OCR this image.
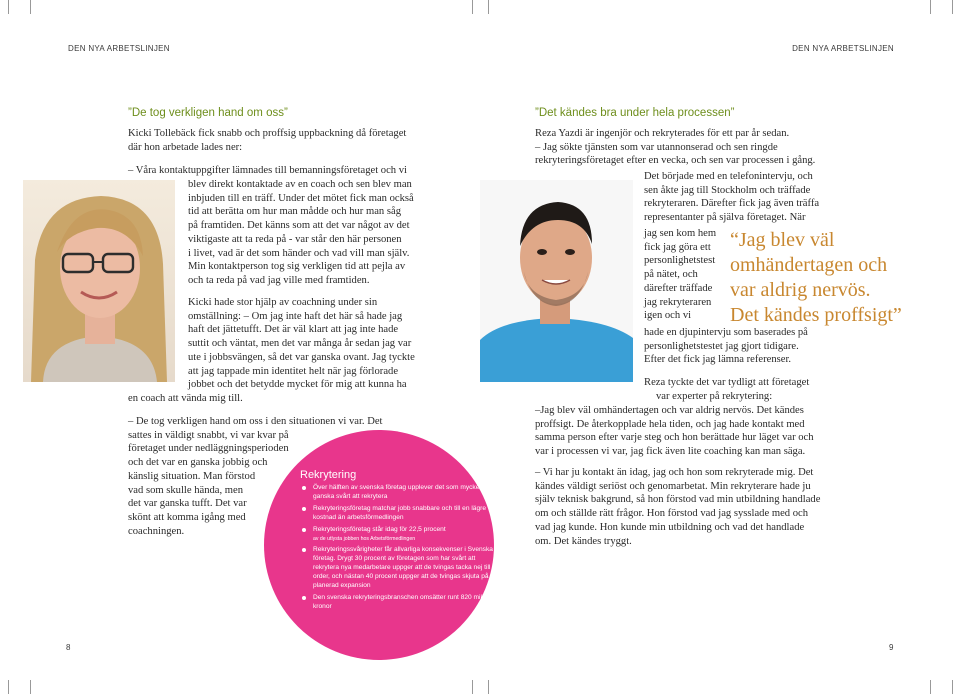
DEN NYA ARBETSLINJEN	DEN NYA ARBETSLINJEN
”De tog verkligen hand om oss”

Kicki Tollebäck fick snabb och proffsig uppbackning då företaget

där hon arbetade lades ner:

– Våra kontaktuppgifter lämnades till bemanningsföretaget och vi

blev direkt kontaktade av en coach och sen blev man

inbjuden till en träff. Under det mötet fick man också

tid att berätta om hur man mådde och hur man såg

på framtiden. Det känns som att det var något av det

viktigaste att ta reda på - var står den här personen

i livet, vad är det som händer och vad vill man själv.

Min kontaktperson tog sig verkligen tid att pejla av

och ta reda på vad jag ville med framtiden.

Kicki hade stor hjälp av coachning under sin

omställning: – Om jag inte haft det här så hade jag

haft det jättetufft. Det är väl klart att jag inte hade

suttit och väntat, men det var många år sedan jag var

ute i jobbsvängen, så det var ganska ovant. Jag tyckte

att jag tappade min identitet helt när jag förlorade

jobbet och det betydde mycket för mig att kunna ha

en coach att vända mig till.

– De tog verkligen hand om oss i den situationen vi var. Det

sattes in väldigt snabbt, vi var kvar på

företaget under nedläggningsperioden

och det var en ganska jobbig och

känslig situation. Man förstod

vad som skulle hända, men

det var ganska tufft. Det var

skönt att komma igång med

coachningen.

Rekrytering
Över hälften av svenska företag upplever det som mycket eller ganska svårt att rekrytera
Rekryteringsföretag matchar jobb snabbare och till en lägre kostnad än arbetsförmedlingen
Rekryteringsföretag står idag för 22,5 procent
av de utlysta jobben hos Arbetsförmedlingen
Rekryteringssvårigheter får allvarliga konsekvenser i Svenska företag. Drygt 30 procent av företagen som har svårt att rekrytera nya medarbetare uppger att de tvingas tacka nej till order, och nästan 40 procent uppger att de tvingas skjuta på planerad expansion
Den svenska rekryteringsbranschen omsätter runt 820 miljoner kronor
8
”Det kändes bra under hela processen”

Reza Yazdi är ingenjör och rekryterades för ett par år sedan.

– Jag sökte tjänsten som var utannonserad och sen ringde

rekryteringsföretaget efter en vecka, och sen var processen i gång.

Det började med en telefonintervju, och

sen åkte jag till Stockholm och träffade

rekryteraren. Därefter fick jag även träffa

representanter på själva företaget. När

jag sen kom hem

fick jag göra ett

personlighetstest

på nätet, och

därefter träffade

jag rekryteraren

igen och vi

hade en djupintervju som baserades på

personlighetstestet jag gjort tidigare.

Efter det fick jag lämna referenser.

Reza tyckte det var tydligt att företaget

var experter på rekrytering:

–Jag blev väl omhändertagen och var aldrig nervös. Det kändes

proffsigt. De återkopplade hela tiden, och jag hade kontakt med

samma person efter varje steg och hon berättade hur läget var och

var i processen vi var, jag fick även lite coaching kan man säga.

– Vi har ju kontakt än idag, jag och hon som rekryterade mig. Det

kändes väldigt seriöst och genomarbetat. Min rekryterare hade ju

själv teknisk bakgrund, så hon förstod vad min utbildning handlade

om och ställde rätt frågor. Hon förstod vad jag sysslade med och

vad jag kunde. Hon kunde min utbildning och vad det handlade

om. Det kändes tryggt.

“Jag blev väl
omhändertagen och
var aldrig nervös.
Det kändes proffsigt”
9
